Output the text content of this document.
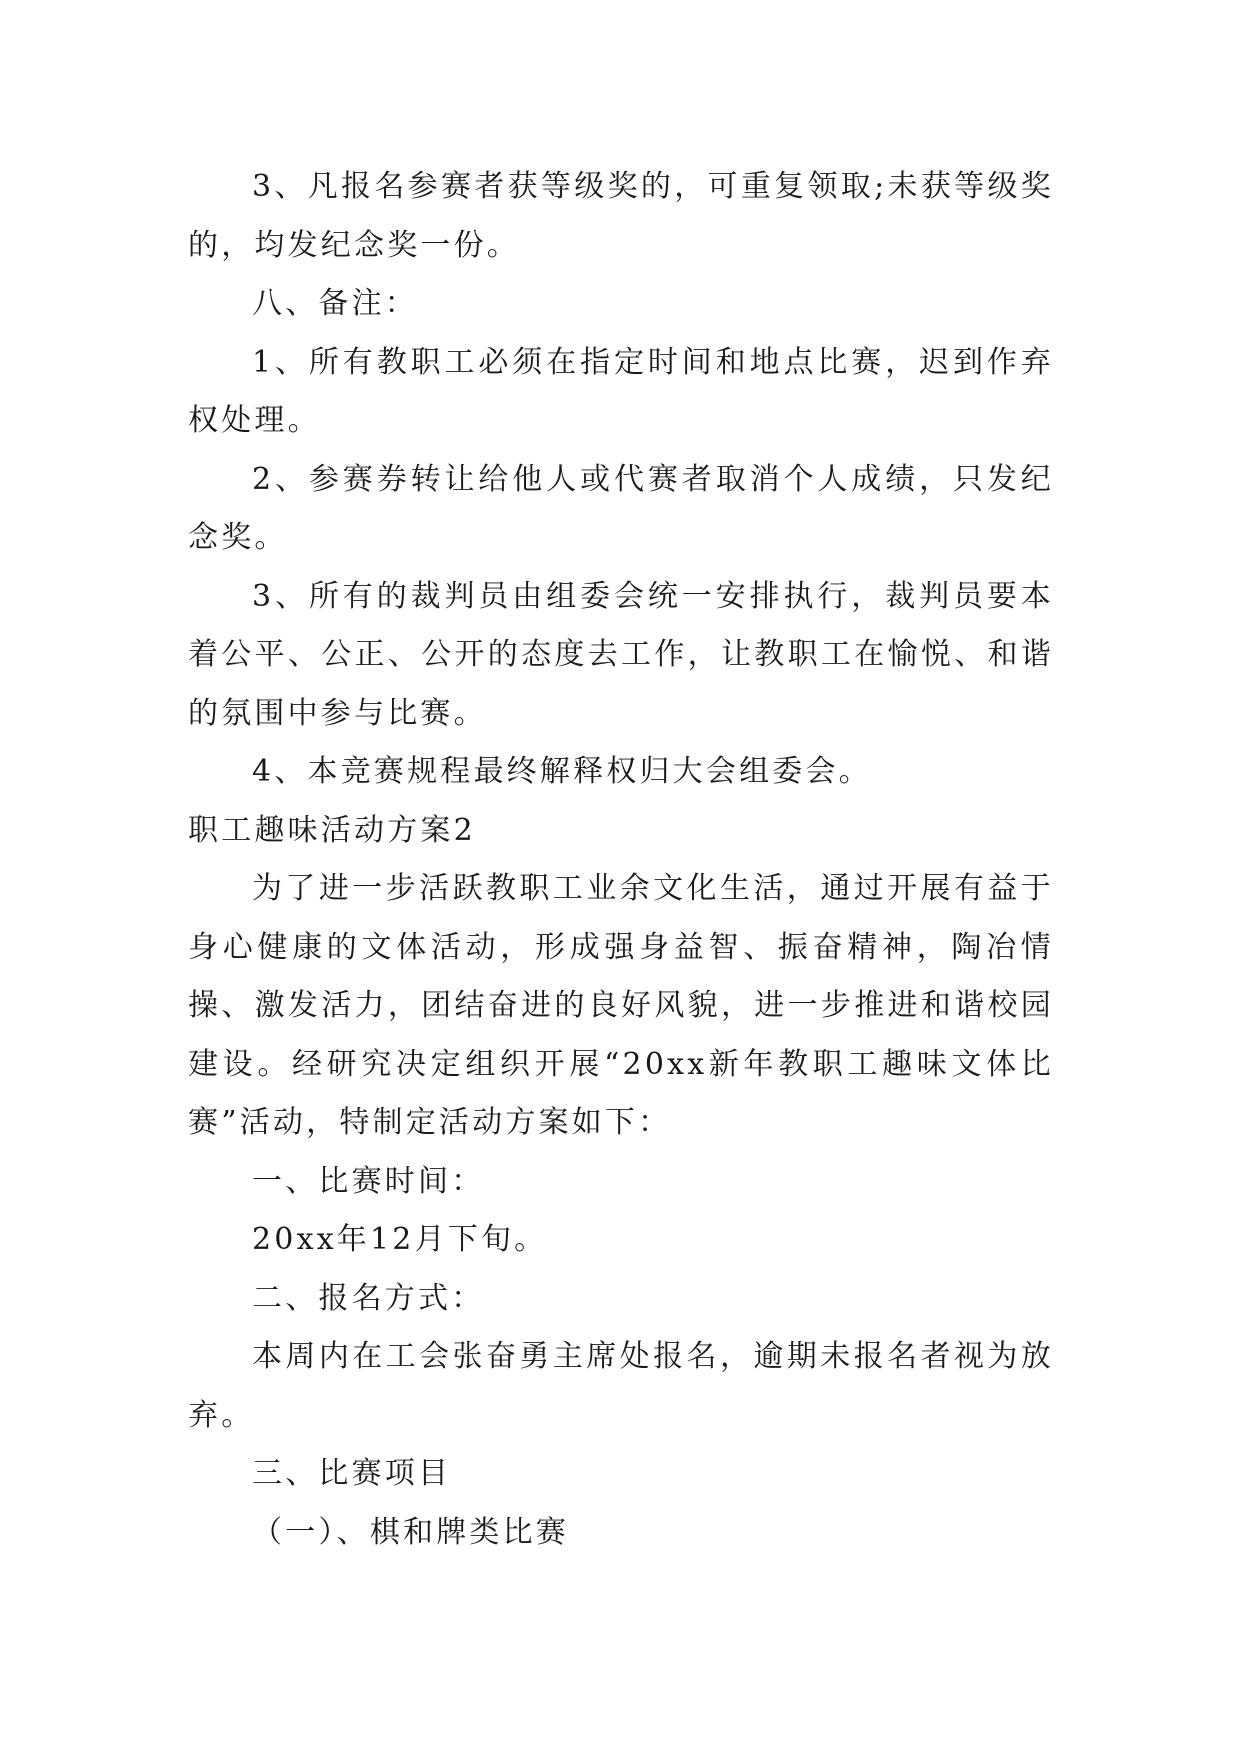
3、凡报名参赛者获等级奖的，可重复领取;未获等级奖的，均发纪念奖一份。

八、备注：

1、所有教职工必须在指定时间和地点比赛，迟到作弃权处理。

2、参赛券转让给他人或代赛者取消个人成绩，只发纪念奖。

3、所有的裁判员由组委会统一安排执行，裁判员要本着公平、公正、公开的态度去工作，让教职工在愉悦、和谐的氛围中参与比赛。

4、本竞赛规程最终解释权归大会组委会。

职工趣味活动方案2

为了进一步活跃教职工业余文化生活，通过开展有益于身心健康的文体活动，形成强身益智、振奋精神，陶冶情操、激发活力，团结奋进的良好风貌，进一步推进和谐校园建设。经研究决定组织开展“20xx新年教职工趣味文体比赛”活动，特制定活动方案如下：

一、比赛时间：

20xx年12月下旬。

二、报名方式：

本周内在工会张奋勇主席处报名，逾期未报名者视为放弃。

三、比赛项目

（一）、棋和牌类比赛
